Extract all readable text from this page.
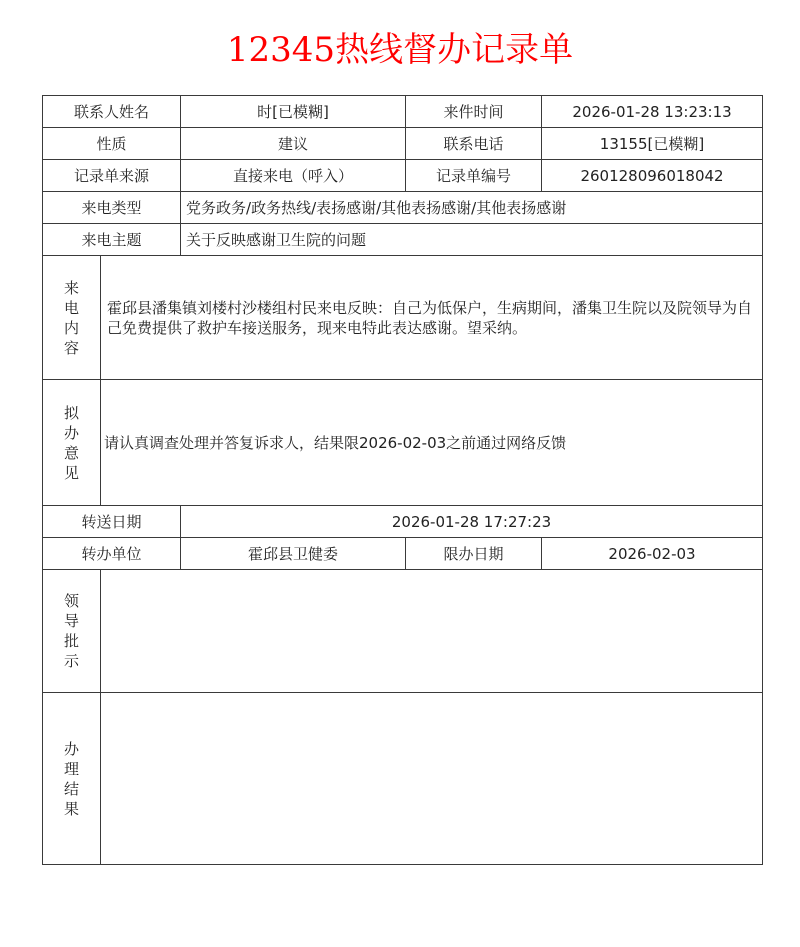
12345热线督办记录单
联系人姓名		时[已模糊]	来件时间	2026-01-28 13:23:13
性质		建议	联系电话	13155[已模糊]
记录单来源		直接来电（呼入）	记录单编号	260128096018042
来电类型		党务政务/政务热线/表扬感谢/其他表扬感谢/其他表扬感谢		
来电主题		关于反映感谢卫生院的问题		

来
电
内
容	霍邱县潘集镇刘楼村沙楼组村民来电反映：自己为低保户，生病期间，潘集卫生院以及院领导为自己免费提供了救护车接送服务，现来电特此表达感谢。望采纳。			

拟
办
意
见	请认真调查处理并答复诉求人，结果限2026-02-03之前通过网络反馈			
转送日期		2026-01-28 17:27:23		
转办单位		霍邱县卫健委	限办日期	2026-02-03

领
导
批
示				

办
理
结
果				
